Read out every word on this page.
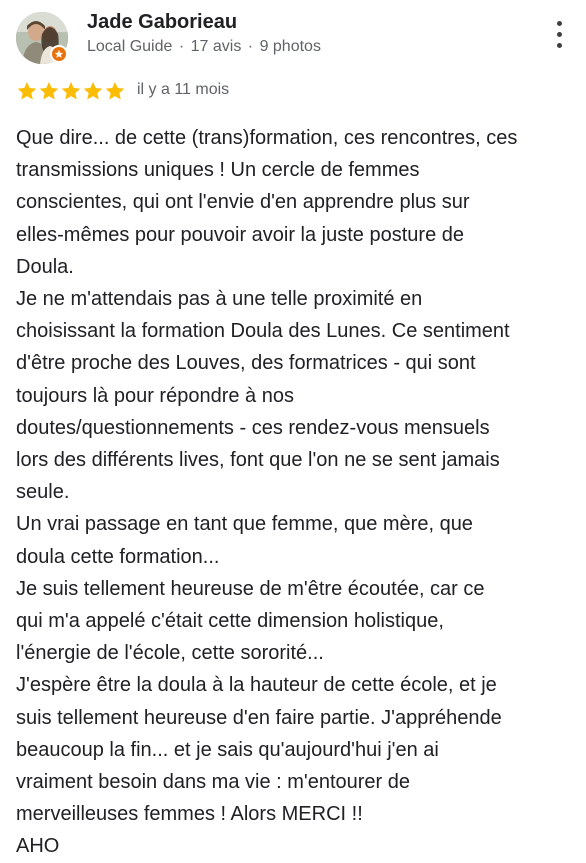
Jade Gaborieau
Local Guide · 17 avis · 9 photos
il y a 11 mois

Que dire... de cette (trans)formation, ces rencontres, ces
transmissions uniques ! Un cercle de femmes
conscientes, qui ont l'envie d'en apprendre plus sur
elles-mêmes pour pouvoir avoir la juste posture de
Doula.
Je ne m'attendais pas à une telle proximité en
choisissant la formation Doula des Lunes. Ce sentiment
d'être proche des Louves, des formatrices - qui sont
toujours là pour répondre à nos
doutes/questionnements - ces rendez-vous mensuels
lors des différents lives, font que l'on ne se sent jamais
seule.
Un vrai passage en tant que femme, que mère, que
doula cette formation...
Je suis tellement heureuse de m'être écoutée, car ce
qui m'a appelé c'était cette dimension holistique,
l'énergie de l'école, cette sororité...
J'espère être la doula à la hauteur de cette école, et je
suis tellement heureuse d'en faire partie. J'appréhende
beaucoup la fin... et je sais qu'aujourd'hui j'en ai
vraiment besoin dans ma vie : m'entourer de
merveilleuses femmes ! Alors MERCI !!
AHO
